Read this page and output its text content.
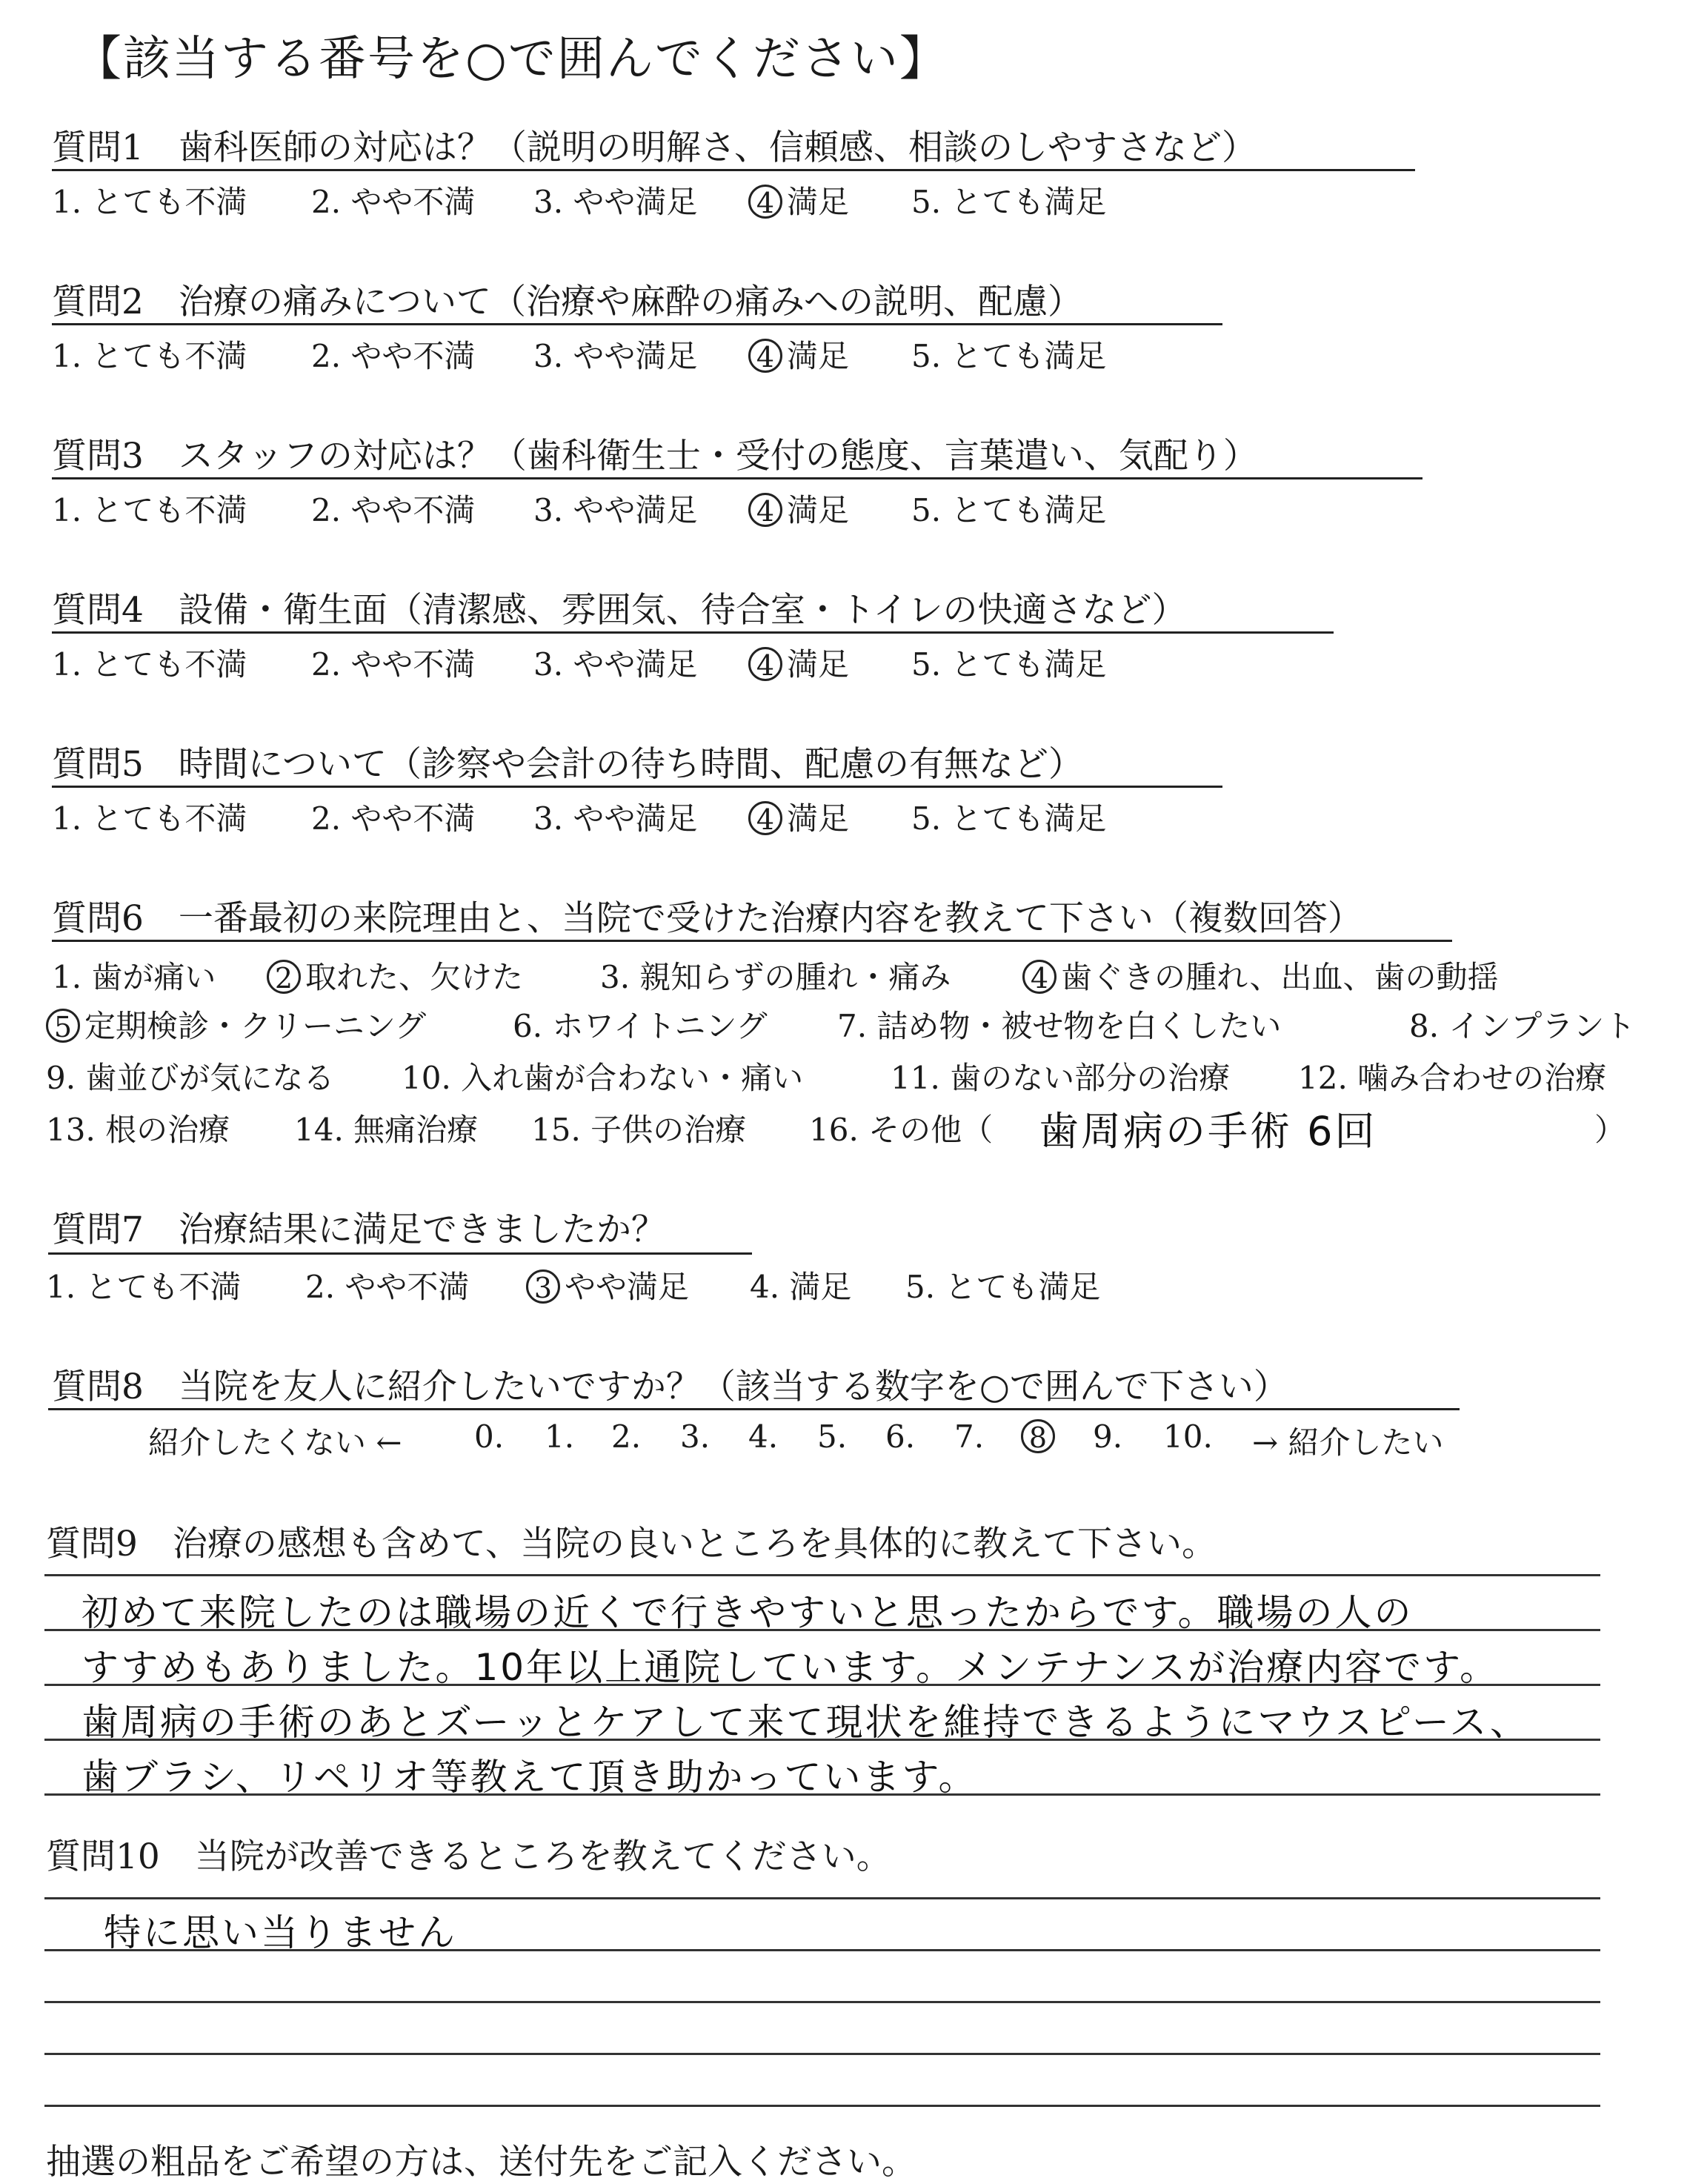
【該当する番号を○で囲んでください】
質問1　歯科医師の対応は？（説明の明解さ、信頼感、相談のしやすさなど）
1. とても不満 2. やや不満 3. やや満足 4 満足 5. とても満足
質問2　治療の痛みについて（治療や麻酔の痛みへの説明、配慮）
1. とても不満 2. やや不満 3. やや満足 4 満足 5. とても満足
質問3　スタッフの対応は？（歯科衛生士・受付の態度、言葉遣い、気配り）
1. とても不満 2. やや不満 3. やや満足 4 満足 5. とても満足
質問4　設備・衛生面（清潔感、雰囲気、待合室・トイレの快適さなど）
1. とても不満 2. やや不満 3. やや満足 4 満足 5. とても満足
質問5　時間について（診察や会計の待ち時間、配慮の有無など）
1. とても不満 2. やや不満 3. やや満足 4 満足 5. とても満足
質問6　一番最初の来院理由と、当院で受けた治療内容を教えて下さい（複数回答）
1. 歯が痛い 2 取れた、欠けた 3. 親知らずの腫れ・痛み	4 歯ぐきの腫れ、出血、歯の動揺
5 定期検診・クリーニング	6. ホワイトニング 7. 詰め物・被せ物を白くしたい	8. インプラント
9. 歯並びが気になる 10. 入れ歯が合わない・痛い	11. 歯のない部分の治療 12. 噛み合わせの治療
13. 根の治療 14. 無痛治療 15. 子供の治療 16. その他（ 歯周病の手術 6回	）
質問7　治療結果に満足できましたか？
1. とても不満 2. やや不満 3 やや満足 4. 満足 5. とても満足
質問8　当院を友人に紹介したいですか？（該当する数字を○で囲んで下さい）
紹介したくない ← 0. 1. 2. 3. 4. 5. 6. 7. 8	9. 10. → 紹介したい
質問9　治療の感想も含めて、当院の良いところを具体的に教えて下さい。
初めて来院したのは職場の近くで行きやすいと思ったからです。職場の人の
すすめもありました。10年以上通院しています。メンテナンスが治療内容です。
歯周病の手術のあとズーッとケアして来て現状を維持できるようにマウスピース、
歯ブラシ、リペリオ等教えて頂き助かっています。
質問10　当院が改善できるところを教えてください。
特に思い当りません
抽選の粗品をご希望の方は、送付先をご記入ください。
